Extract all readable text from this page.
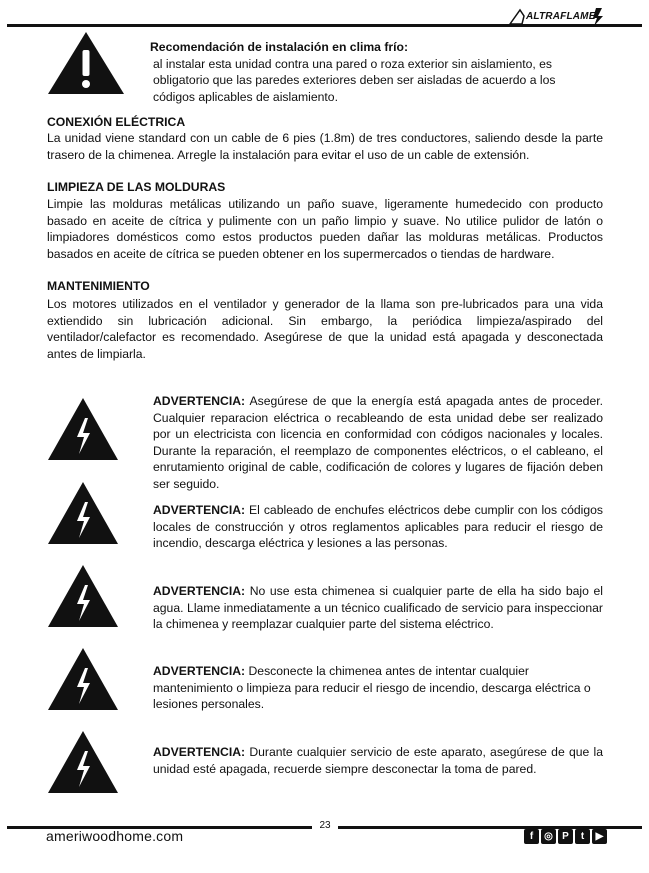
ALTRAFLAME
Recomendación de instalación en clima frío:
al instalar esta unidad contra una pared o roza exterior sin aislamiento, es obligatorio que las paredes exteriores deben ser aisladas de acuerdo a los códigos aplicables de aislamiento.
CONEXIÓN ELÉCTRICA
La unidad viene standard con un cable de 6 pies (1.8m) de tres conductores, saliendo desde la parte trasero de la chimenea. Arregle la instalación para evitar el uso de un cable de extensión.
LIMPIEZA DE LAS MOLDURAS
Limpie las molduras metálicas utilizando un paño suave, ligeramente humedecido con producto basado en aceite de cítrica y pulimente con un paño limpio y suave. No utilice pulidor de latón o limpiadores domésticos como estos productos pueden dañar las molduras metálicas. Productos basados en aceite de cítrica se pueden obtener en los supermercados o tiendas de hardware.
MANTENIMIENTO
Los motores utilizados en el ventilador y generador de la llama son pre-lubricados para una vida extiendido sin lubricación adicional. Sin embargo, la periódica limpieza/aspirado del ventilador/calefactor es recomendado. Asegúrese de que la unidad está apagada y desconectada antes de limpiarla.
ADVERTENCIA: Asegúrese de que la energía está apagada antes de proceder. Cualquier reparacion eléctrica o recableando de esta unidad debe ser realizado por un electricista con licencia en conformidad con códigos nacionales y locales. Durante la reparación, el reemplazo de componentes eléctricos, o el cableano, el enrutamiento original de cable, codificación de colores y lugares de fijación deben ser seguido.
ADVERTENCIA: El cableado de enchufes eléctricos debe cumplir con los códigos locales de construcción y otros reglamentos aplicables para reducir el riesgo de incendio, descarga eléctrica y lesiones a las personas.
ADVERTENCIA: No use esta chimenea si cualquier parte de ella ha sido bajo el agua. Llame inmediatamente a un técnico cualificado de servicio para inspeccionar la chimenea y reemplazar cualquier parte del sistema eléctrico.
ADVERTENCIA: Desconecte la chimenea antes de intentar cualquier mantenimiento o limpieza para reducir el riesgo de incendio, descarga eléctrica o lesiones personales.
ADVERTENCIA: Durante cualquier servicio de este aparato, asegúrese de que la unidad esté apagada, recuerde siempre desconectar la toma de pared.
23
ameriwoodhome.com	f	◎ P	t	▶
